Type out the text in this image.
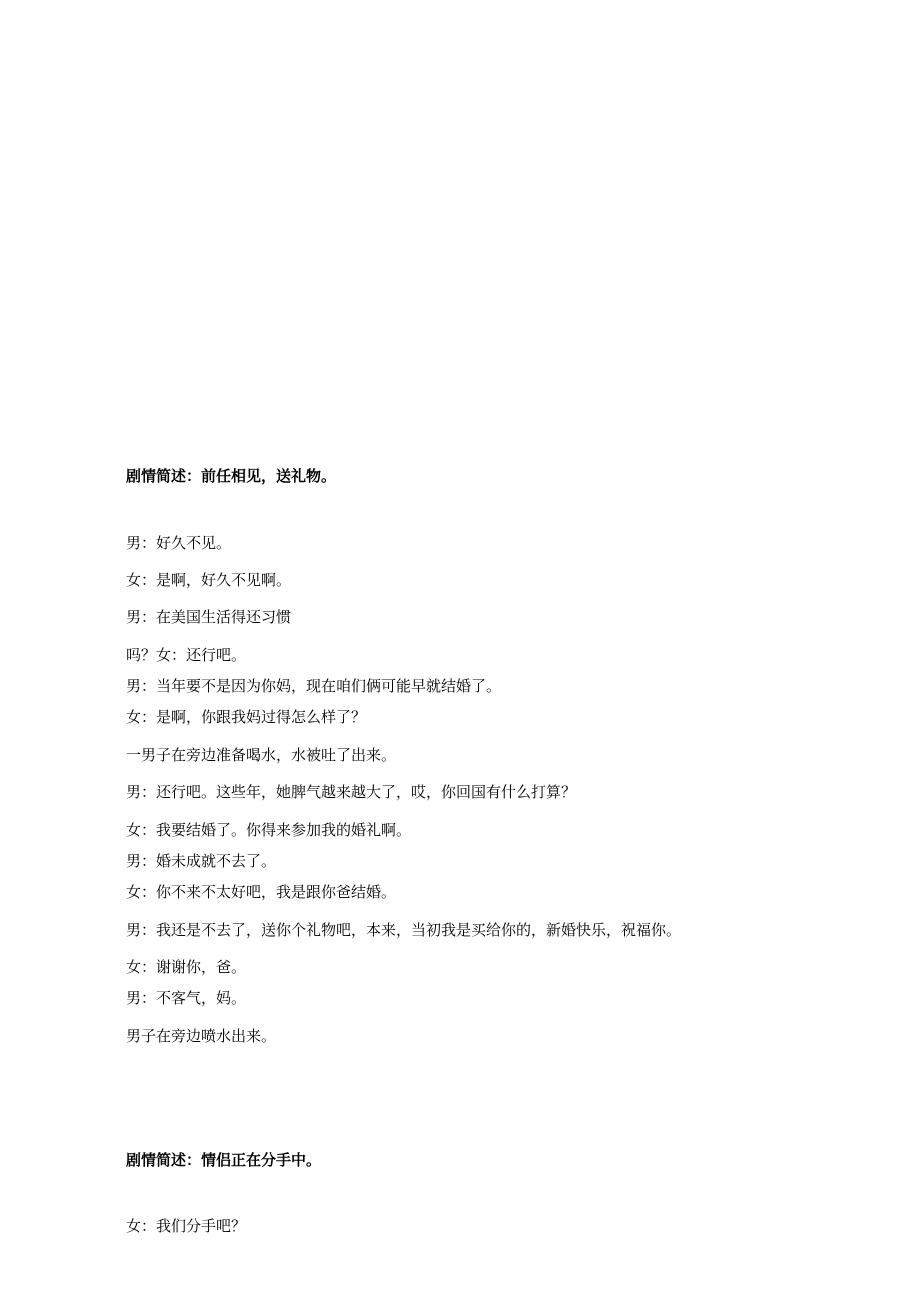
剧情简述：前任相见，送礼物。
男：好久不见。
女：是啊，好久不见啊。
男：在美国生活得还习惯
吗？女：还行吧。
男：当年要不是因为你妈，现在咱们俩可能早就结婚了。
女：是啊，你跟我妈过得怎么样了？
一男子在旁边准备喝水，水被吐了出来。
男：还行吧。这些年，她脾气越来越大了，哎，你回国有什么打算？
女：我要结婚了。你得来参加我的婚礼啊。
男：婚未成就不去了。
女：你不来不太好吧，我是跟你爸结婚。
男：我还是不去了，送你个礼物吧，本来，当初我是买给你的，新婚快乐，祝福你。
女：谢谢你，爸。
男：不客气，妈。
男子在旁边喷水出来。
剧情简述：情侣正在分手中。
女：我们分手吧？
